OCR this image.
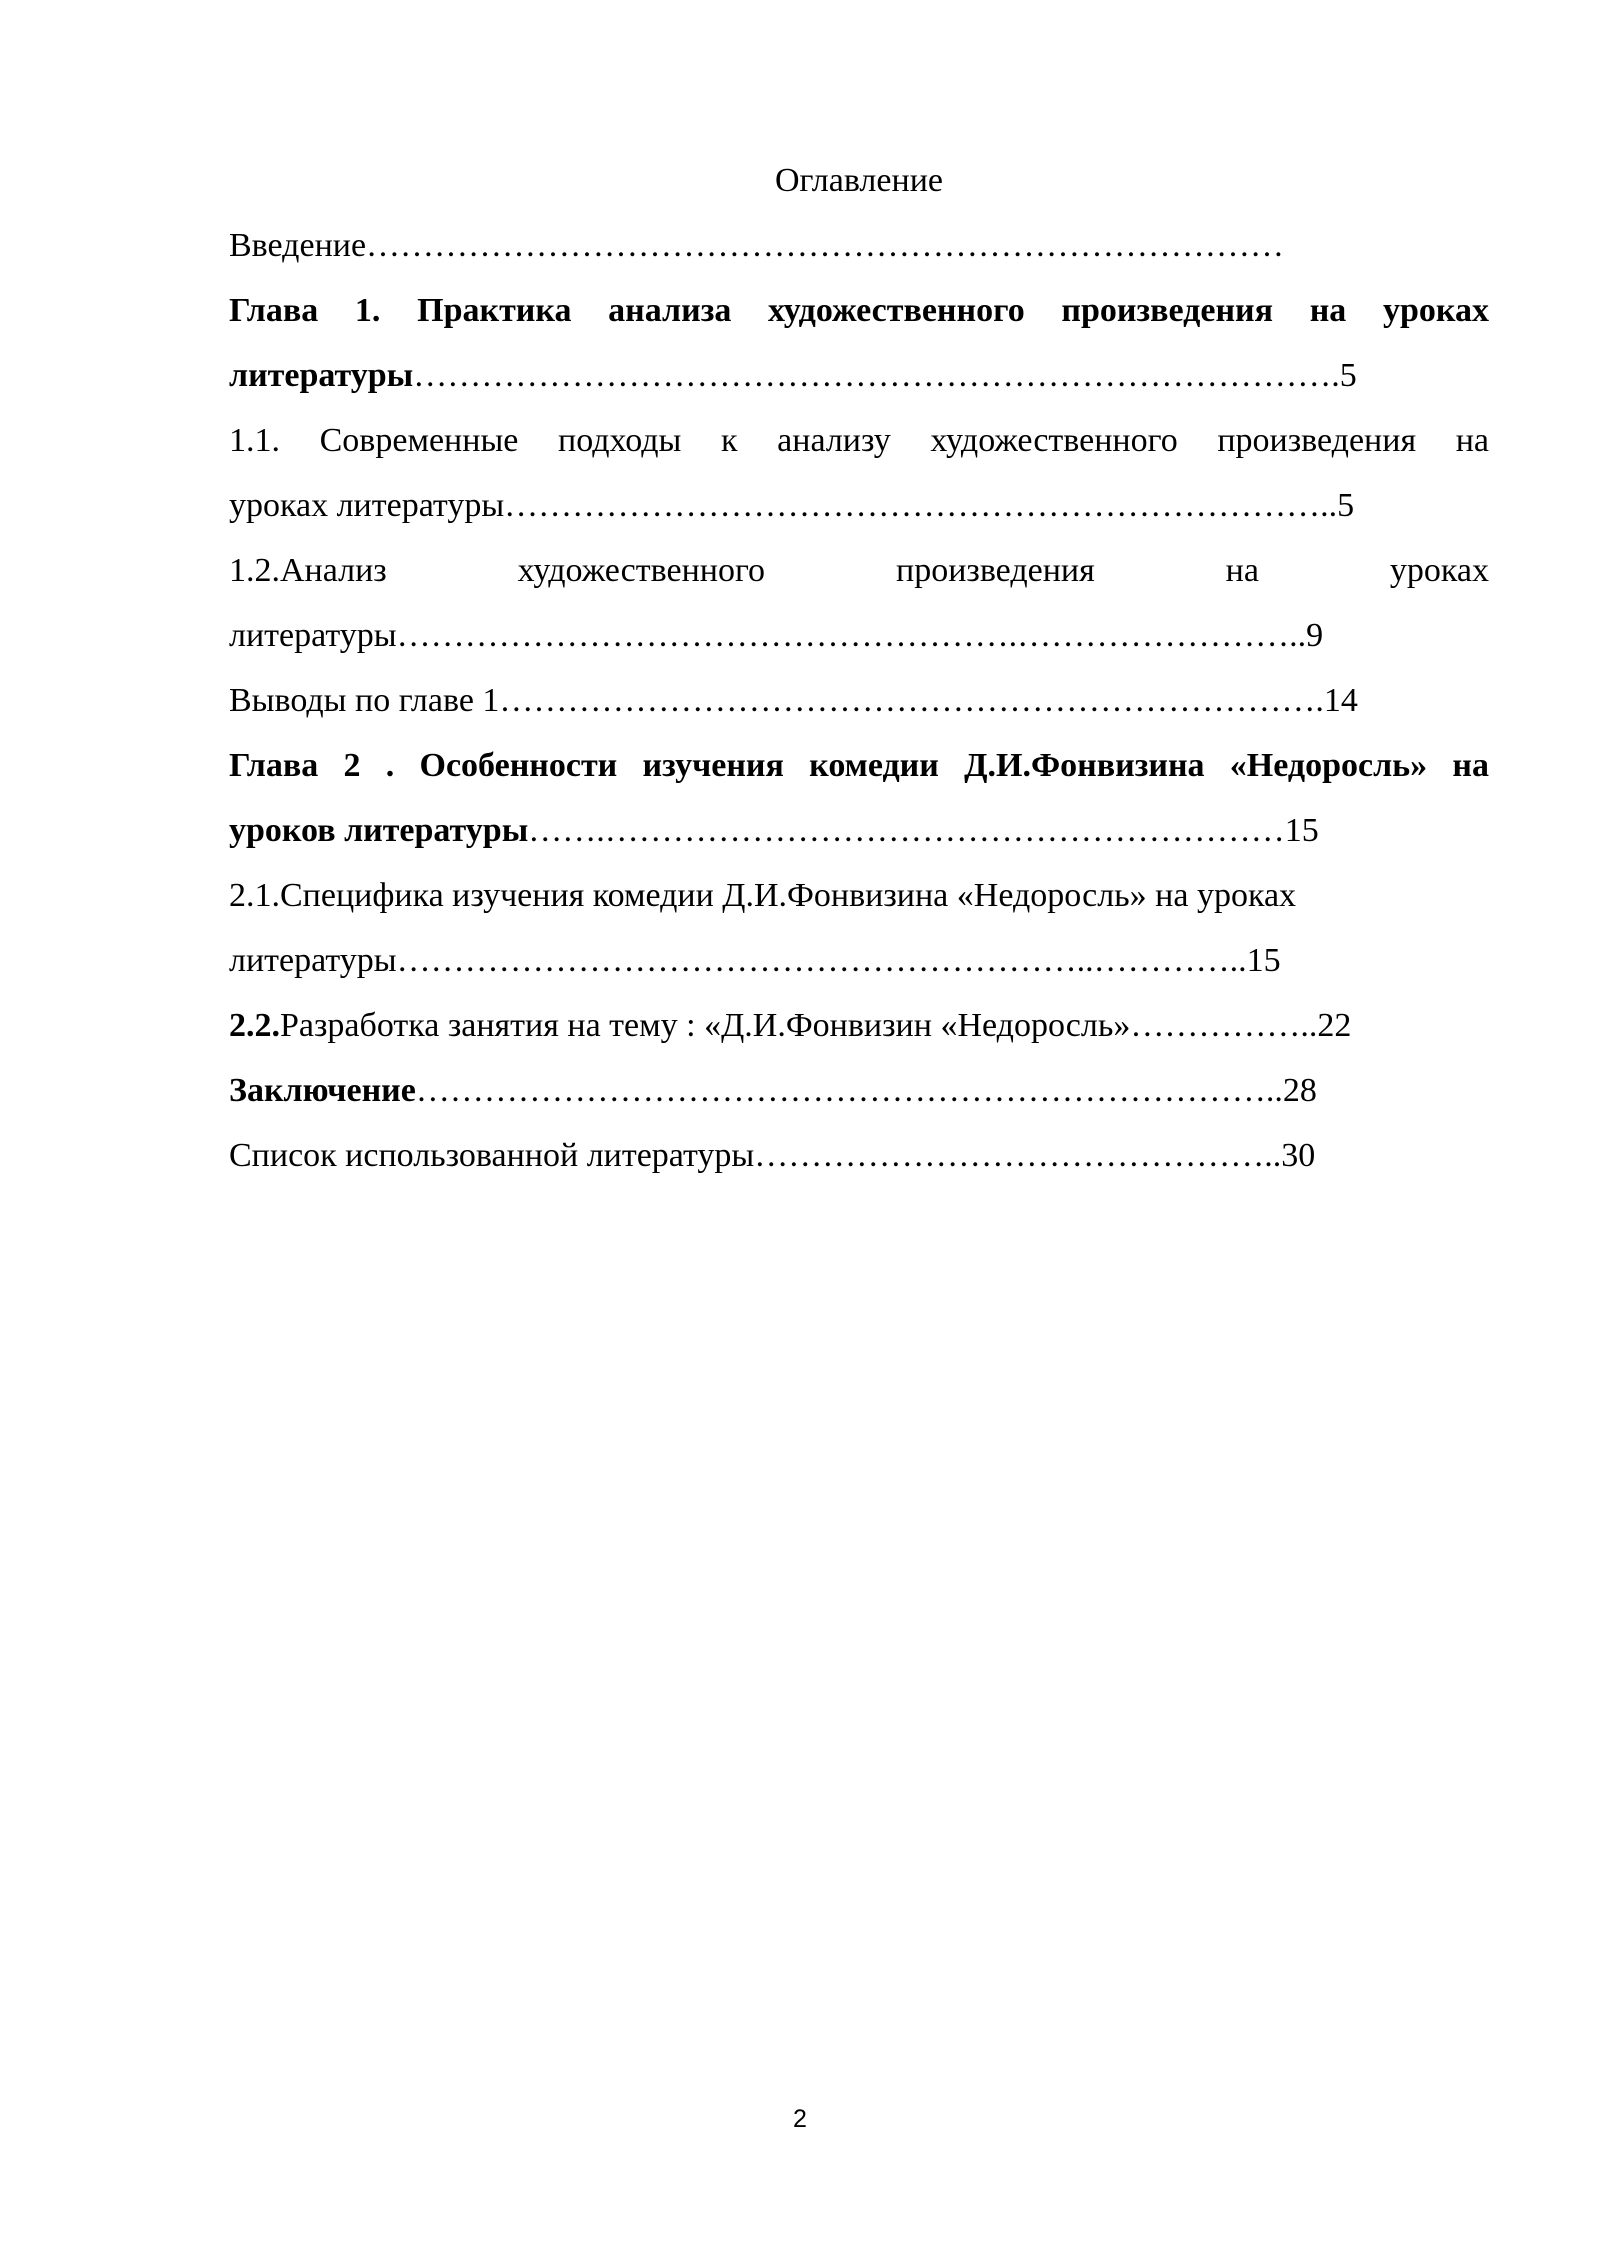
Оглавление
Введение………………………………………………………………………
Глава 1. Практика анализа художественного произведения на уроках
литературы……………………………………………………………………….5
1.1. Современные подходы к анализу художественного произведения на
уроках литературы………………………………………………………………..5
1.2.Анализ художественного произведения на уроках
литературы……………………………………………….……………………..9
Выводы по главе 1……………………………………………………………….14
Глава 2 . Особенности изучения комедии Д.И.Фонвизина «Недоросль» на
уроков литературы…….……………………………………………………15
2.1.Специфика изучения комедии Д.И.Фонвизина «Недоросль» на уроках
литературы……………………………………………………..…………..15
2.2.Разработка занятия на тему : «Д.И.Фонвизин «Недоросль»……………..22
Заключение…………………………………………………………………..28
Список использованной литературы………………………………………..30
2
